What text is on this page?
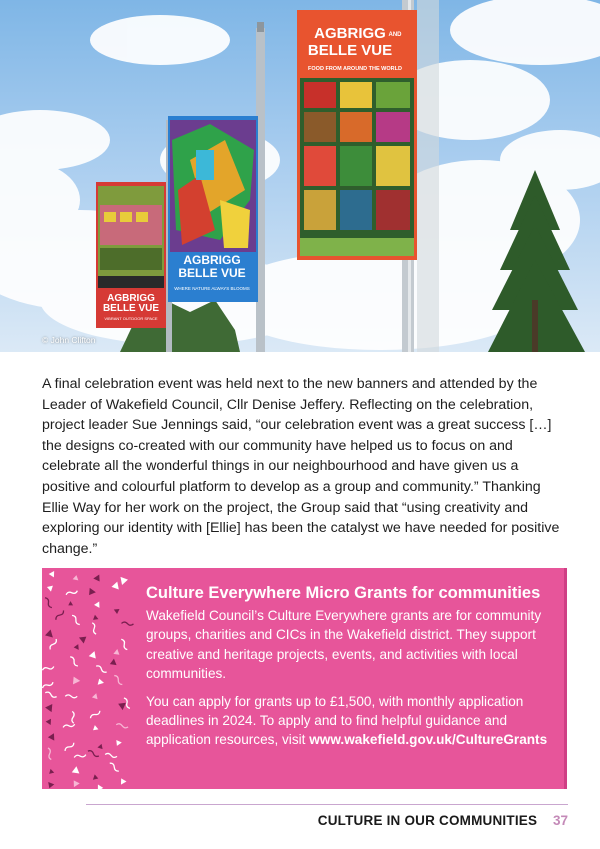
AGBRIGG
BELLE VUE
VIBRANT OUTDOOR SPACE
AGBRIGG
BELLE VUE
WHERE NATURE ALWAYS BLOOMS
AGBRIGG AND
BELLE VUE
FOOD FROM AROUND THE WORLD
© John Clifton

A final celebration event was held next to the new banners and attended by the Leader of Wakefield Council, Cllr Denise Jeffery. Reflecting on the celebration, project leader Sue Jennings said, “our celebration event was a great success […] the designs co-created with our community have helped us to focus on and celebrate all the wonderful things in our neighbourhood and have given us a positive and colourful platform to develop as a group and community.” Thanking Ellie Way for her work on the project, the Group said that “using creativity and exploring our identity with [Ellie] has been the catalyst we have needed for positive change.”

Culture Everywhere Micro Grants for communities

Wakefield Council’s Culture Everywhere grants are for community groups, charities and CICs in the Wakefield district. They support creative and heritage projects, events, and activities with local communities.

You can apply for grants up to £1,500, with monthly application deadlines in 2024. To apply and to find helpful guidance and application resources, visit www.wakefield.gov.uk/CultureGrants

CULTURE IN OUR COMMUNITIES 37
